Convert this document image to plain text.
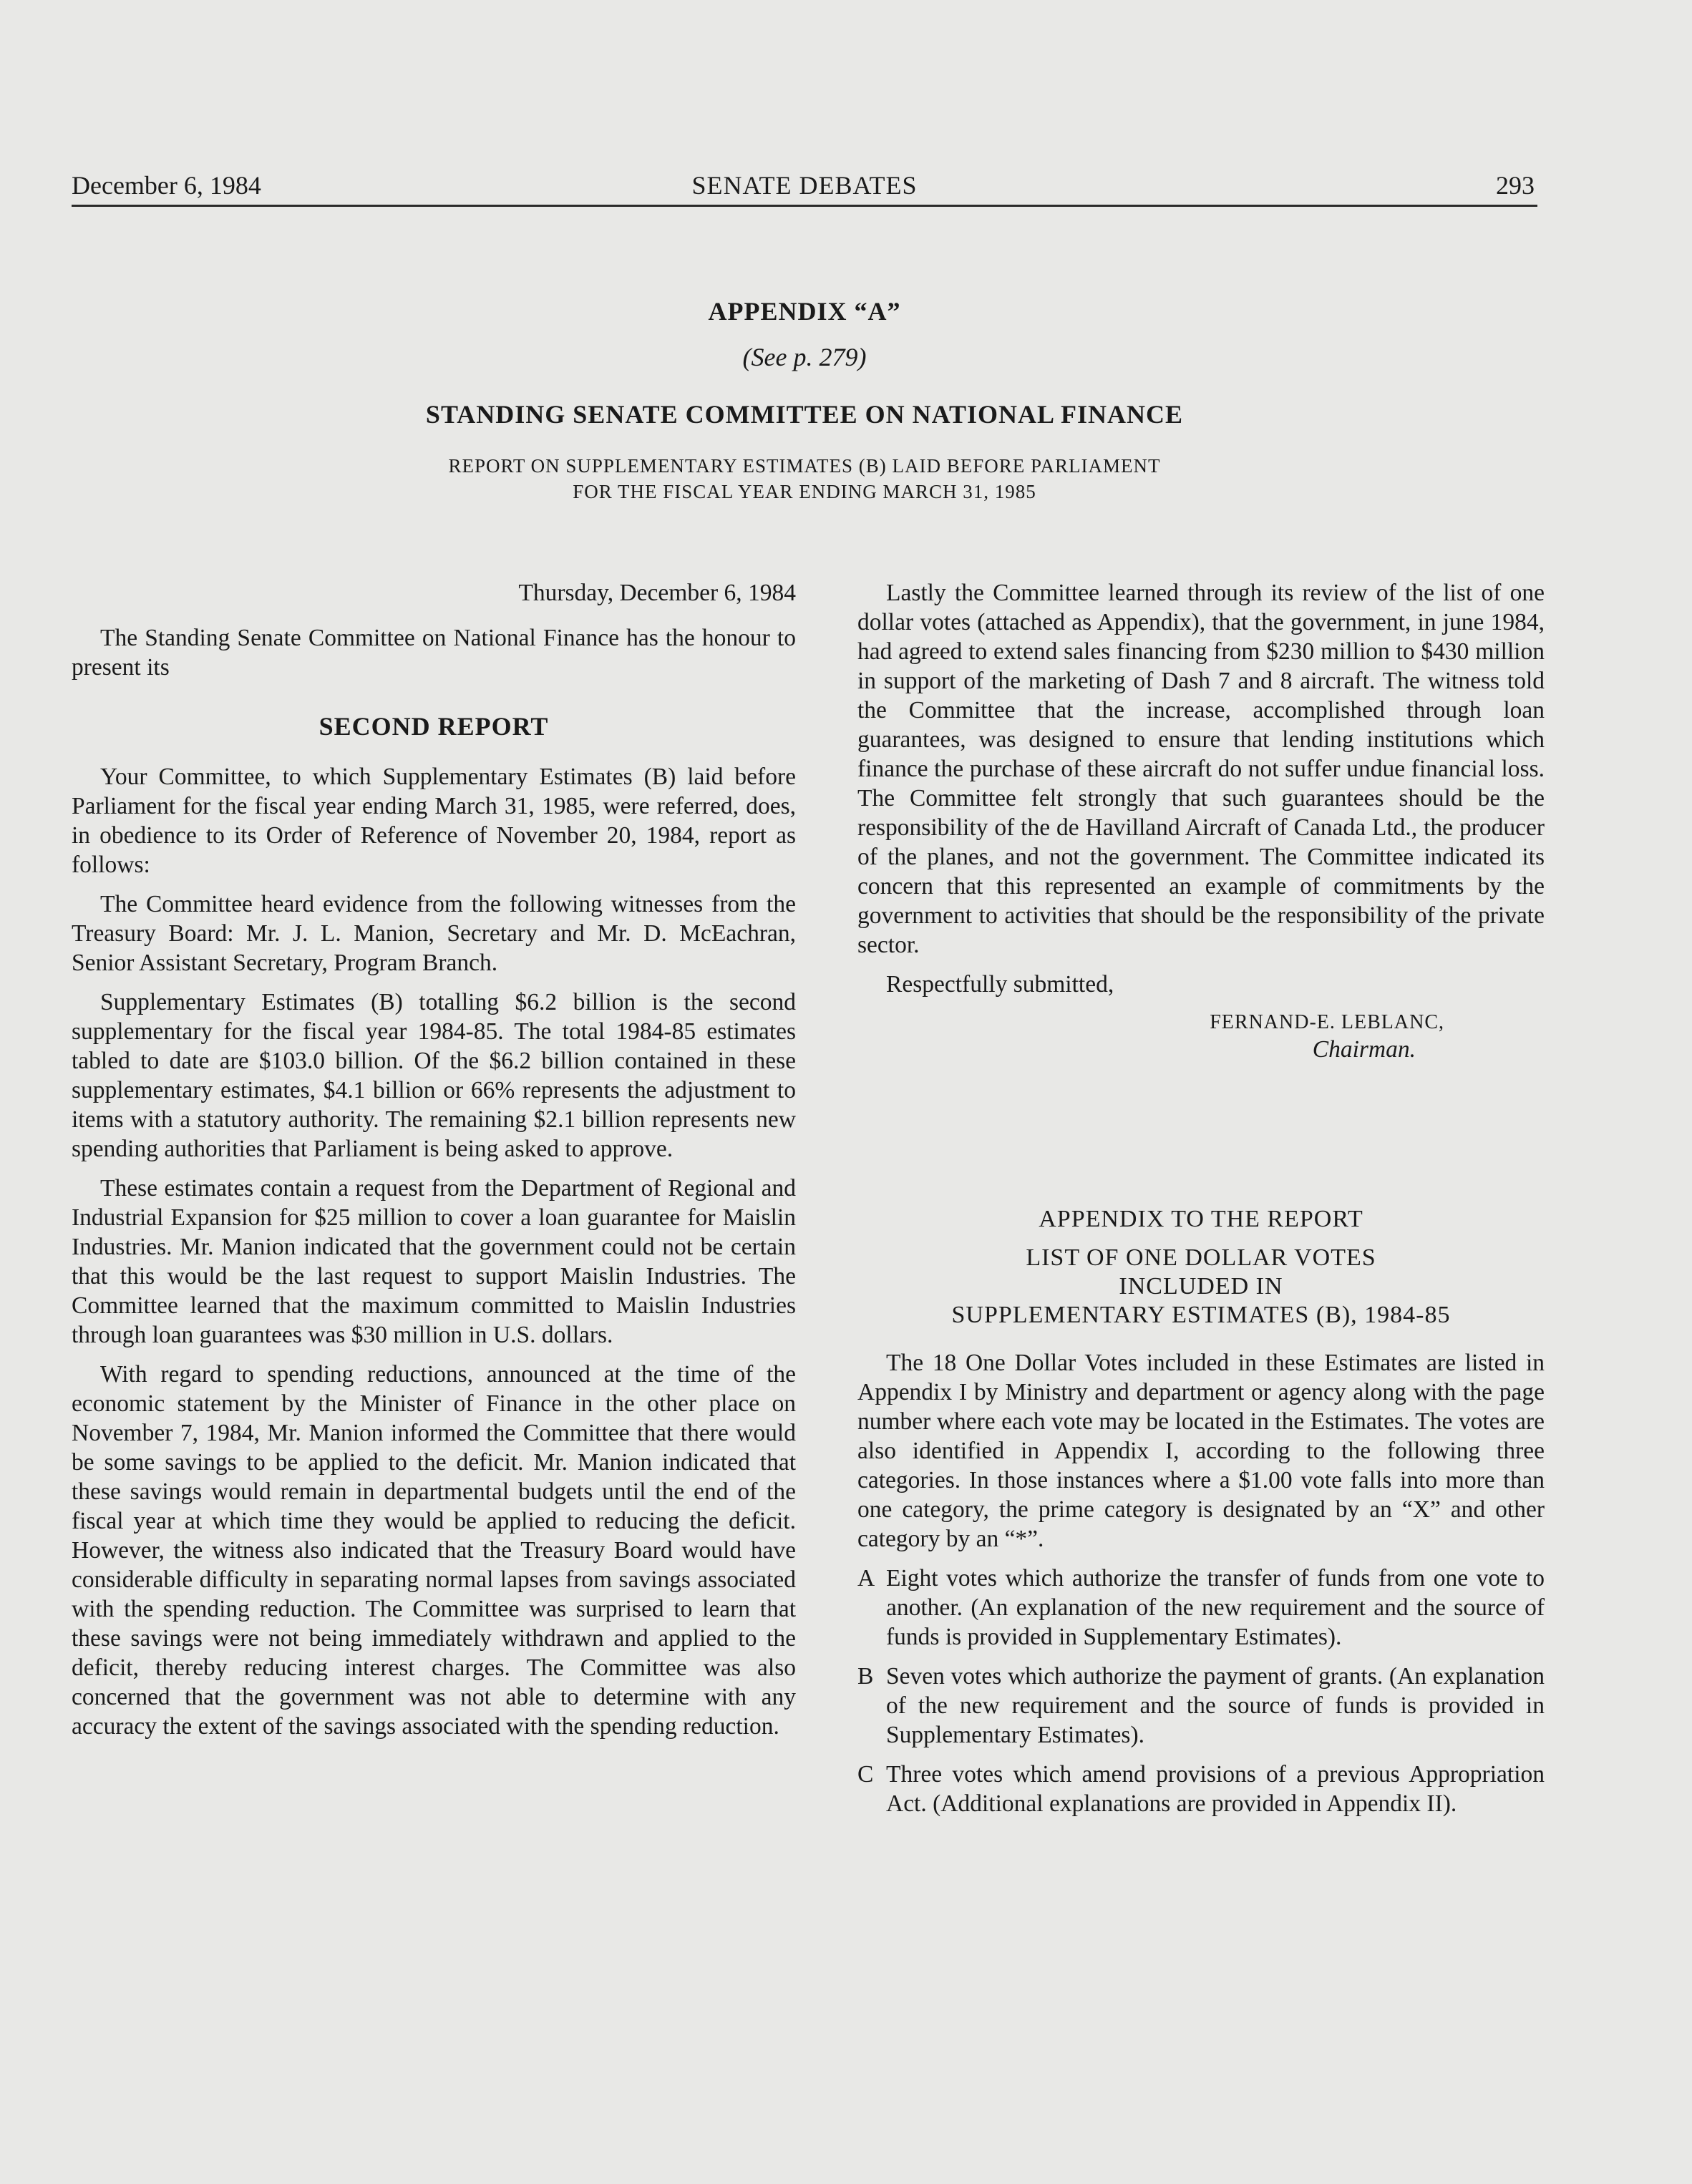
December 6, 1984	SENATE DEBATES	293
APPENDIX “A”
(See p. 279)
STANDING SENATE COMMITTEE ON NATIONAL FINANCE
REPORT ON SUPPLEMENTARY ESTIMATES (B) LAID BEFORE PARLIAMENT
FOR THE FISCAL YEAR ENDING MARCH 31, 1985

Thursday, December 6, 1984

The Standing Senate Committee on National Finance has the honour to present its

SECOND REPORT

Your Committee, to which Supplementary Estimates (B) laid before Parliament for the fiscal year ending March 31, 1985, were referred, does, in obedience to its Order of Reference of November 20, 1984, report as follows:

The Committee heard evidence from the following witnesses from the Treasury Board: Mr. J. L. Manion, Secretary and Mr. D. McEachran, Senior Assistant Secretary, Program Branch.

Supplementary Estimates (B) totalling $6.2 billion is the second supplementary for the fiscal year 1984-85. The total 1984-85 estimates tabled to date are $103.0 billion. Of the $6.2 billion contained in these supplementary estimates, $4.1 billion or 66% represents the adjustment to items with a statutory authority. The remaining $2.1 billion represents new spending authorities that Parliament is being asked to approve.

These estimates contain a request from the Department of Regional and Industrial Expansion for $25 million to cover a loan guarantee for Maislin Industries. Mr. Manion indicated that the government could not be certain that this would be the last request to support Maislin Industries. The Committee learned that the maximum committed to Maislin Industries through loan guarantees was $30 million in U.S. dollars.

With regard to spending reductions, announced at the time of the economic statement by the Minister of Finance in the other place on November 7, 1984, Mr. Manion informed the Committee that there would be some savings to be applied to the deficit. Mr. Manion indicated that these savings would remain in departmental budgets until the end of the fiscal year at which time they would be applied to reducing the deficit. However, the witness also indicated that the Treasury Board would have considerable difficulty in separating normal lapses from savings associated with the spending reduction. The Committee was surprised to learn that these savings were not being immediately withdrawn and applied to the deficit, thereby reducing interest charges. The Committee was also concerned that the government was not able to determine with any accuracy the extent of the savings associated with the spending reduction.

Lastly the Committee learned through its review of the list of one dollar votes (attached as Appendix), that the government, in june 1984, had agreed to extend sales financing from $230 million to $430 million in support of the marketing of Dash 7 and 8 aircraft. The witness told the Committee that the increase, accomplished through loan guarantees, was designed to ensure that lending institutions which finance the purchase of these aircraft do not suffer undue financial loss. The Committee felt strongly that such guarantees should be the responsibility of the de Havilland Aircraft of Canada Ltd., the producer of the planes, and not the government. The Committee indicated its concern that this represented an example of commitments by the government to activities that should be the responsibility of the private sector.

Respectfully submitted,

FERNAND-E. LEBLANC,
Chairman.
APPENDIX TO THE REPORT
LIST OF ONE DOLLAR VOTES
INCLUDED IN
SUPPLEMENTARY ESTIMATES (B), 1984-85

The 18 One Dollar Votes included in these Estimates are listed in Appendix I by Ministry and department or agency along with the page number where each vote may be located in the Estimates. The votes are also identified in Appendix I, according to the following three categories. In those instances where a $1.00 vote falls into more than one category, the prime category is designated by an “X” and other category by an “*”.

A Eight votes which authorize the transfer of funds from one vote to another. (An explanation of the new requirement and the source of funds is provided in Supplementary Estimates).
B Seven votes which authorize the payment of grants. (An explanation of the new requirement and the source of funds is provided in Supplementary Estimates).
C Three votes which amend provisions of a previous Appropriation Act. (Additional explanations are provided in Appendix II).
